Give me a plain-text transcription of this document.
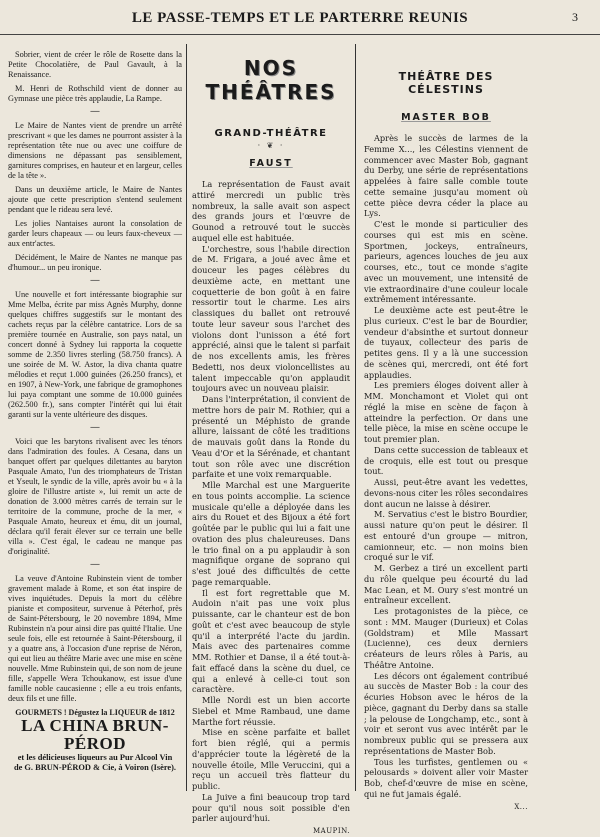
LE PASSE-TEMPS ET LE PARTERRE REUNIS	3

Sobrier, vient de créer le rôle de Rosette dans la Petite Chocolatière, de Paul Gavault, à la Renaissance.

M. Henri de Rothschild vient de donner au Gymnase une pièce très applaudie, La Rampe.

—

Le Maire de Nantes vient de prendre un arrêté prescrivant « que les dames ne pourront assister à la représentation tête nue ou avec une coiffure de dimensions ne dépassant pas sensiblement, garnitures comprises, en hauteur et en largeur, celles de la tête ».

Dans un deuxième article, le Maire de Nantes ajoute que cette prescription s'entend seulement pendant que le rideau sera levé.

Les jolies Nantaises auront la consolation de garder leurs chapeaux — ou leurs faux-cheveux — aux entr'actes.

Décidément, le Maire de Nantes ne manque pas d'humour... un peu ironique.

—

Une nouvelle et fort intéressante biographie sur Mme Melba, écrite par miss Agnès Murphy, donne quelques chiffres suggestifs sur le montant des cachets reçus par la célèbre cantatrice. Lors de sa première tournée en Australie, son pays natal, un concert donné à Sydney lui rapporta la coquette somme de 2.350 livres sterling (58.750 francs). A une soirée de M. W. Astor, la diva chanta quatre mélodies et reçut 1.000 guinées (26.250 francs), et en 1907, à New-York, une fabrique de gramophones lui paya comptant une somme de 10.000 guinées (262.500 fr.), sans compter l'intérêt qui lui était garanti sur la vente ultérieure des disques.

—

Voici que les barytons rivalisent avec les ténors dans l'admiration des foules. A Cesana, dans un banquet offert par quelques dilettantes au baryton Pasquale Amato, l'un des triomphateurs de Tristan et Yseult, le syndic de la ville, après avoir bu « à la gloire de l'illustre artiste », lui remit un acte de donation de 3.000 mètres carrés de terrain sur le territoire de la commune, proche de la mer, « Pasquale Amato, heureux et ému, dit un journal, déclara qu'il ferait élever sur ce terrain une belle villa ». C'est égal, le cadeau ne manque pas d'originalité.

—

La veuve d'Antoine Rubinstein vient de tomber gravement malade à Rome, et son état inspire de vives inquiétudes. Depuis la mort du célèbre pianiste et compositeur, survenue à Péterhof, près de Saint-Pétersbourg, le 20 novembre 1894, Mme Rubinstein n'a pour ainsi dire pas quitté l'Italie. Une seule fois, elle est retournée à Saint-Pétersbourg, il y a quatre ans, à l'occasion d'une reprise de Néron, qui eut lieu au théâtre Marie avec une mise en scène nouvelle. Mme Rubinstein qui, de son nom de jeune fille, s'appelle Wera Tchoukanow, est issue d'une famille noble caucasienne ; elle a eu trois enfants, deux fils et une fille.

GOURMETS ! Dégustez la LIQUEUR de 1812
LA CHINA BRUN-PÉROD
et les délicieuses liqueurs au Pur Alcool Vin
de G. BRUN-PÉROD & Cie, à Voiron (Isère).
NOS THÉÂTRES
GRAND-THÉÂTRE
· ❦ ·
FAUST

La représentation de Faust avait attiré mercredi un public très nombreux, la salle avait son aspect des grands jours et l'œuvre de Gounod a retrouvé tout le succès auquel elle est habituée.

L'orchestre, sous l'habile direction de M. Frigara, a joué avec âme et douceur les pages célèbres du deuxième acte, en mettant une coquetterie de bon goût à en faire ressortir tout le charme. Les airs classiques du ballet ont retrouvé toute leur saveur sous l'archet des violons dont l'unisson a été fort apprécié, ainsi que le talent si parfait de nos excellents amis, les frères Bedetti, nos deux violoncellistes au talent impeccable qu'on applaudit toujours avec un nouveau plaisir.

Dans l'interprétation, il convient de mettre hors de pair M. Rothier, qui a présenté un Méphisto de grande allure, laissant de côté les traditions de mauvais goût dans la Ronde du Veau d'Or et la Sérénade, et chantant tout son rôle avec une discrétion parfaite et une voix remarquable.

Mlle Marchal est une Marguerite en tous points accomplie. La science musicale qu'elle a déployée dans les airs du Rouet et des Bijoux a été fort goûtée par le public qui lui a fait une ovation des plus chaleureuses. Dans le trio final on a pu applaudir à son magnifique organe de soprano qui s'est joué des difficultés de cette page remarquable.

Il est fort regrettable que M. Audoin n'ait pas une voix plus puissante, car le chanteur est de bon goût et c'est avec beaucoup de style qu'il a interprété l'acte du jardin. Mais avec des partenaires comme MM. Rothier et Danse, il a été tout-à-fait effacé dans la scène du duel, ce qui a enlevé à celle-ci tout son caractère.

Mlle Nordi est un bien accorte Siebel et Mme Rambaud, une dame Marthe fort réussie.

Mise en scène parfaite et ballet fort bien réglé, qui a permis d'apprécier toute la légèreté de la nouvelle étoile, Mlle Veruccini, qui a reçu un accueil très flatteur du public.

La Juive a fini beaucoup trop tard pour qu'il nous soit possible d'en parler aujourd'hui.

MAUPIN.

THÉÂTRE DES CÉLESTINS
MASTER BOB

Après le succès de larmes de la Femme X..., les Célestins viennent de commencer avec Master Bob, gagnant du Derby, une série de représentations appelées à faire salle comble toute cette semaine jusqu'au moment où cette pièce devra céder la place au Lys.

C'est le monde si particulier des courses qui est mis en scène. Sportmen, jockeys, entraîneurs, parieurs, agences louches de jeu aux courses, etc., tout ce monde s'agite avec un mouvement, une intensité de vie extraordinaire d'une couleur locale extrêmement intéressante.

Le deuxième acte est peut-être le plus curieux. C'est le bar de Bourdier, vendeur d'absinthe et surtout donneur de tuyaux, collecteur des paris de petites gens. Il y a là une succession de scènes qui, mercredi, ont été fort applaudies.

Les premiers éloges doivent aller à MM. Monchamont et Violet qui ont réglé la mise en scène de façon à atteindre la perfection. Or dans une telle pièce, la mise en scène occupe le tout premier plan.

Dans cette succession de tableaux et de croquis, elle est tout ou presque tout.

Aussi, peut-être avant les vedettes, devons-nous citer les rôles secondaires dont aucun ne laisse à désirer.

M. Servatius c'est le bistro Bourdier, aussi nature qu'on peut le désirer. Il est entouré d'un groupe — mitron, camionneur, etc. — non moins bien croqué sur le vif.

M. Gerbez a tiré un excellent parti du rôle quelque peu écourté du lad Mac Lean, et M. Oury s'est montré un entraîneur excellent.

Les protagonistes de la pièce, ce sont : MM. Mauger (Durieux) et Colas (Goldstram) et Mlle Massart (Lucienne), ces deux derniers créateurs de leurs rôles à Paris, au Théâtre Antoine.

Les décors ont également contribué au succès de Master Bob : la cour des écuries Hobson avec le héros de la pièce, gagnant du Derby dans sa stalle ; la pelouse de Longchamp, etc., sont à voir et seront vus avec intérêt par le nombreux public qui se pressera aux représentations de Master Bob.

Tous les turfistes, gentlemen ou « pelousards » doivent aller voir Master Bob, chef-d'œuvre de mise en scène, qui ne fut jamais égalé.

X...
